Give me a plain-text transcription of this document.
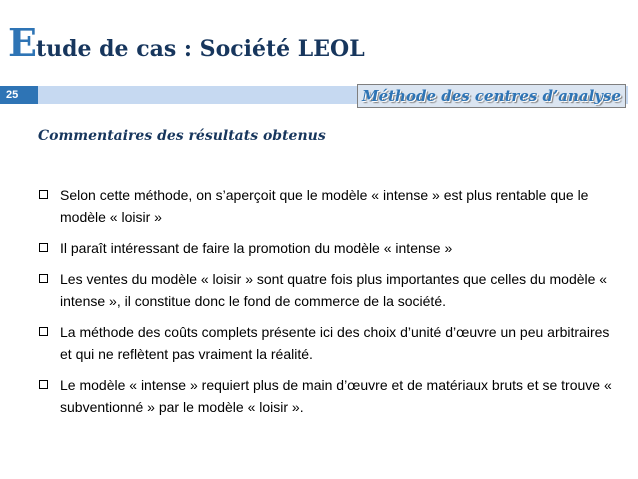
Etude de cas : Société LEOL
25	Méthode des centres d’analyse
Commentaires des résultats obtenus
Selon cette méthode, on s’aperçoit que le modèle « intense » est plus rentable que le modèle « loisir »
Il paraît intéressant de faire la promotion du modèle « intense »
Les ventes du modèle « loisir » sont quatre fois plus importantes que celles du modèle « intense », il constitue donc le fond de commerce de la société.
La méthode des coûts complets présente ici des choix d’unité d’œuvre un peu arbitraires et qui ne reflètent pas vraiment la réalité.
Le modèle « intense » requiert plus de main d’œuvre et de matériaux bruts et se trouve « subventionné » par le modèle « loisir ».
